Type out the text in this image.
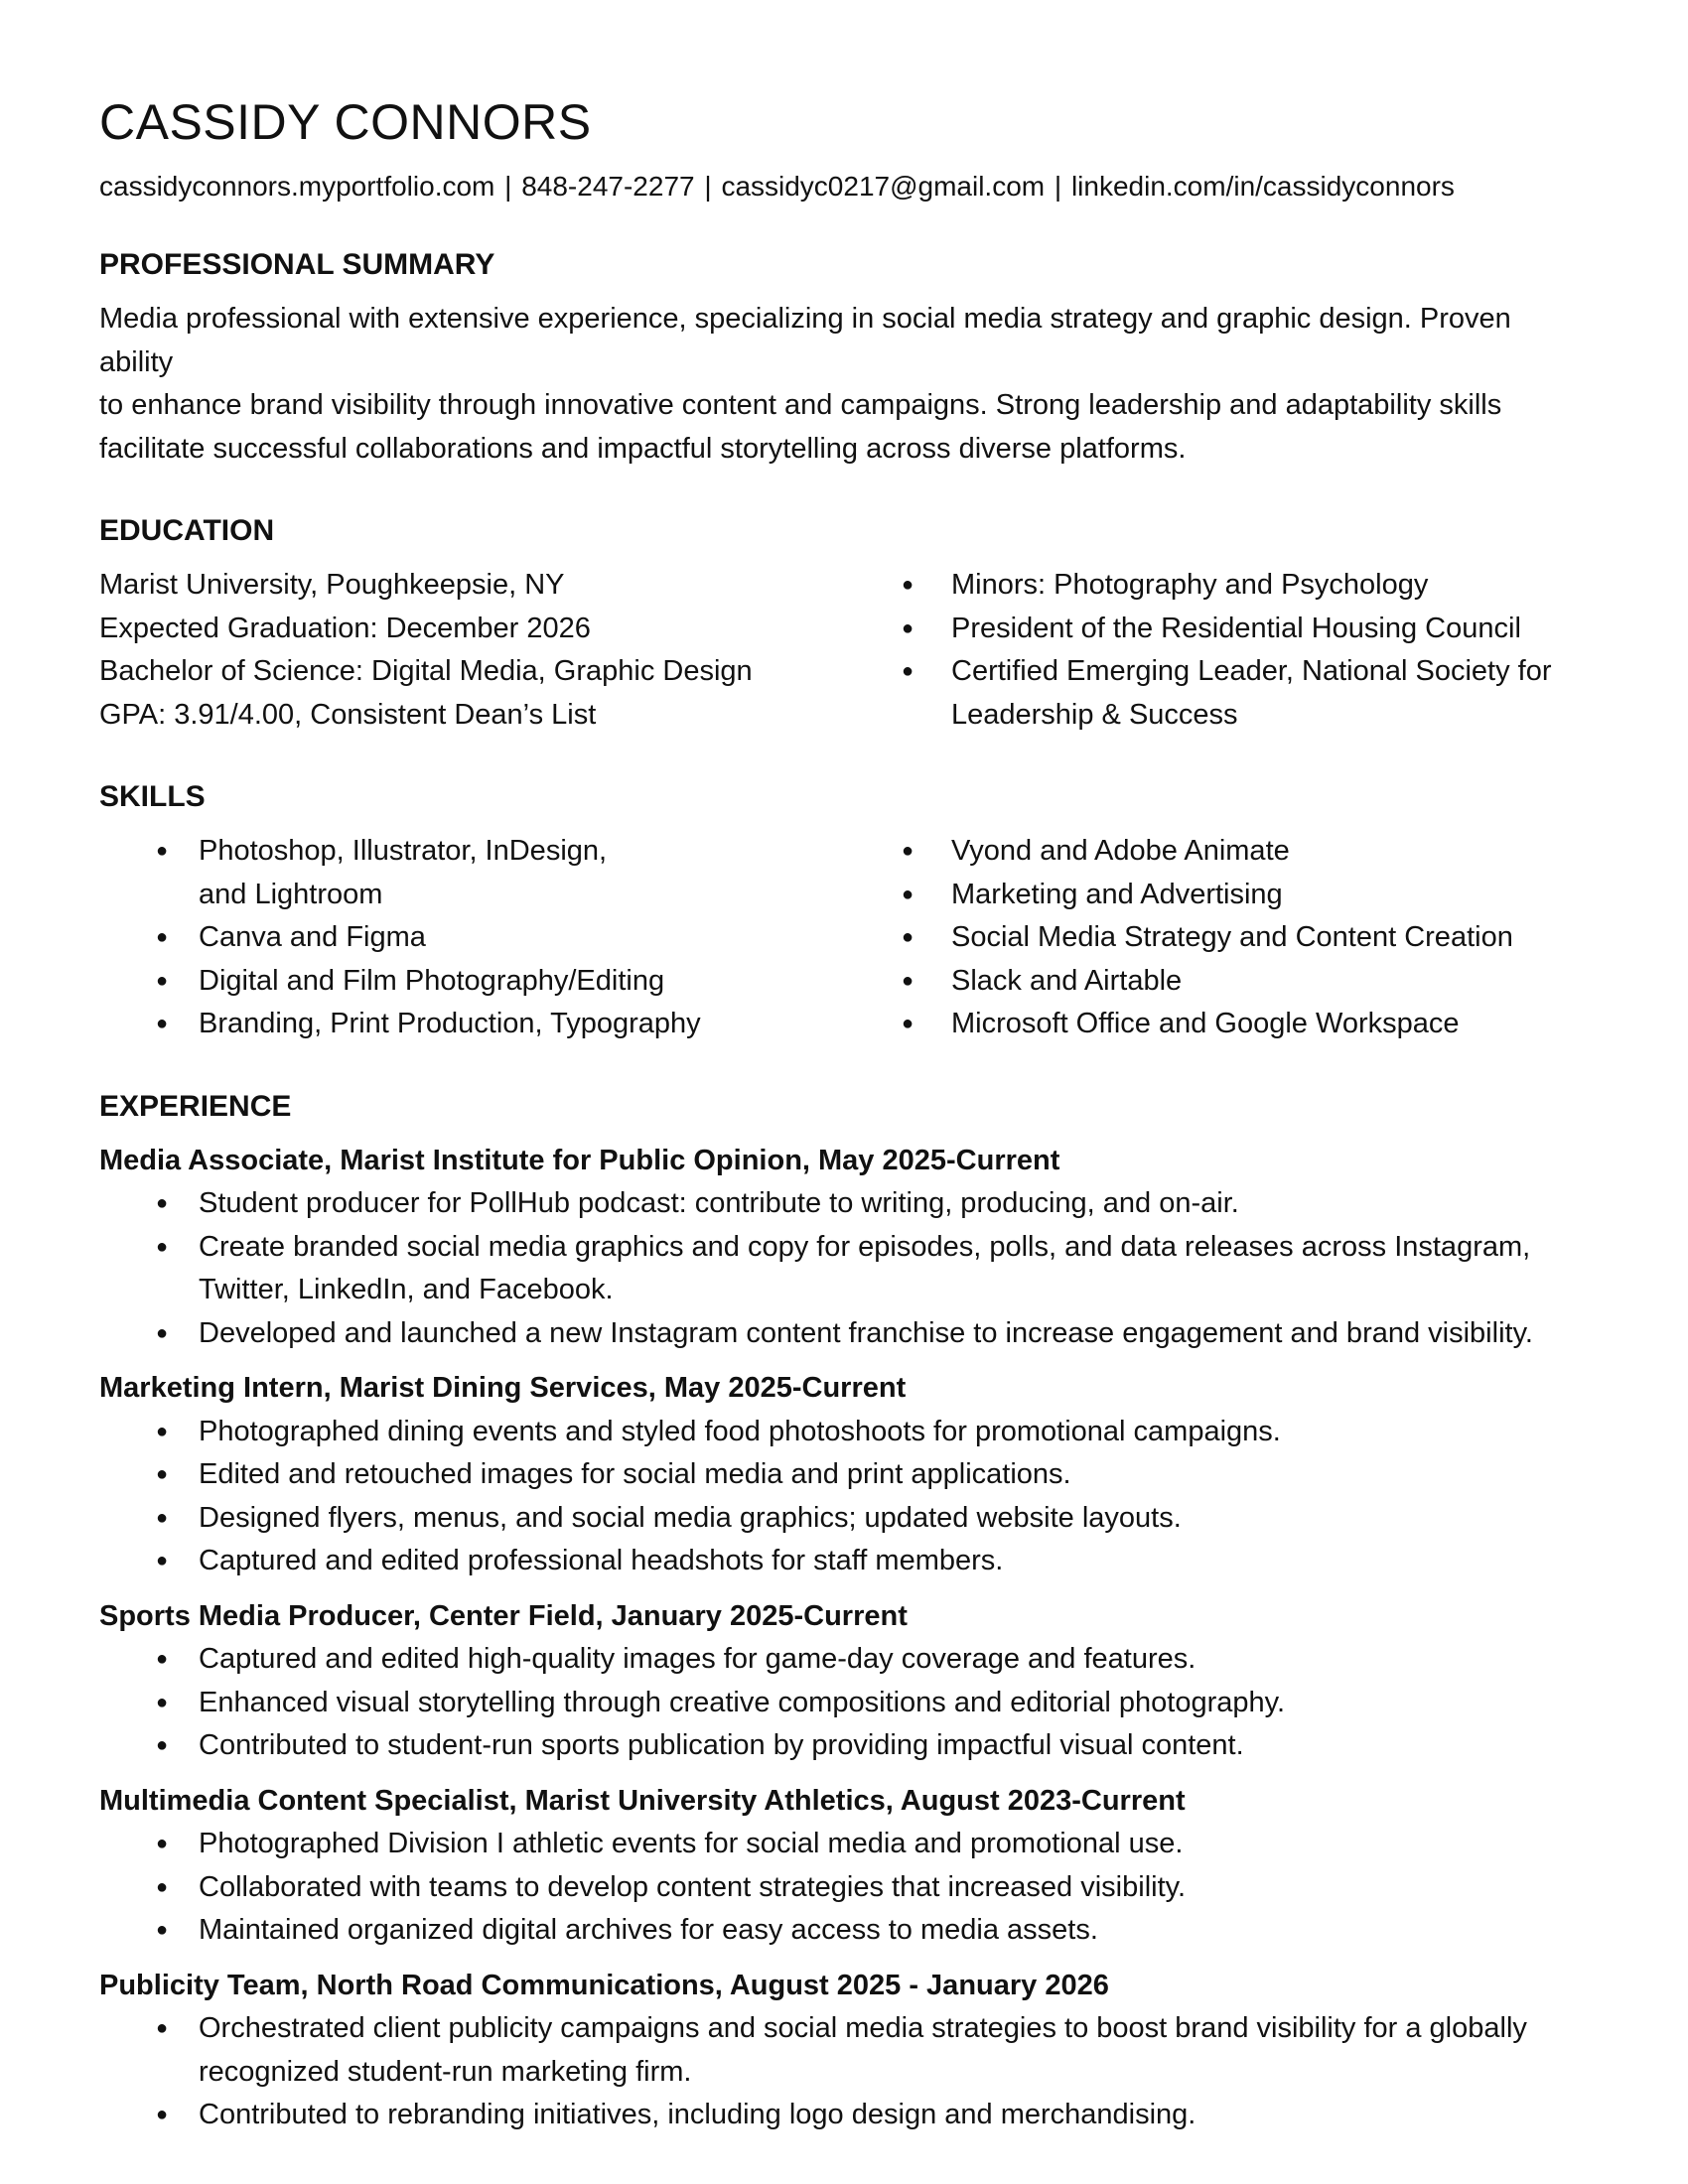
CASSIDY CONNORS
cassidyconnors.myportfolio.com | 848-247-2277 | cassidyc0217@gmail.com | linkedin.com/in/cassidyconnors
PROFESSIONAL SUMMARY
Media professional with extensive experience, specializing in social media strategy and graphic design. Proven ability
to enhance brand visibility through innovative content and campaigns. Strong leadership and adaptability skills
facilitate successful collaborations and impactful storytelling across diverse platforms.
EDUCATION
Marist University, Poughkeepsie, NY
Expected Graduation: December 2026
Bachelor of Science: Digital Media, Graphic Design
GPA: 3.91/4.00, Consistent Dean’s List
● Minors: Photography and Psychology
● President of the Residential Housing Council
● Certified Emerging Leader, National Society for
Leadership & Success
SKILLS
● Photoshop, Illustrator, InDesign,
and Lightroom
● Canva and Figma
● Digital and Film Photography/Editing
● Branding, Print Production, Typography
● Vyond and Adobe Animate
● Marketing and Advertising
● Social Media Strategy and Content Creation
● Slack and Airtable
● Microsoft Office and Google Workspace
EXPERIENCE
Media Associate, Marist Institute for Public Opinion, May 2025-Current
● Student producer for PollHub podcast: contribute to writing, producing, and on-air.
● Create branded social media graphics and copy for episodes, polls, and data releases across Instagram,
Twitter, LinkedIn, and Facebook.
● Developed and launched a new Instagram content franchise to increase engagement and brand visibility.
Marketing Intern, Marist Dining Services, May 2025-Current
● Photographed dining events and styled food photoshoots for promotional campaigns.
● Edited and retouched images for social media and print applications.
● Designed flyers, menus, and social media graphics; updated website layouts.
● Captured and edited professional headshots for staff members.
Sports Media Producer, Center Field, January 2025-Current
● Captured and edited high-quality images for game-day coverage and features.
● Enhanced visual storytelling through creative compositions and editorial photography.
● Contributed to student-run sports publication by providing impactful visual content.
Multimedia Content Specialist, Marist University Athletics, August 2023-Current
● Photographed Division I athletic events for social media and promotional use.
● Collaborated with teams to develop content strategies that increased visibility.
● Maintained organized digital archives for easy access to media assets.
Publicity Team, North Road Communications, August 2025 - January 2026
● Orchestrated client publicity campaigns and social media strategies to boost brand visibility for a globally
recognized student-run marketing firm.
● Contributed to rebranding initiatives, including logo design and merchandising.
